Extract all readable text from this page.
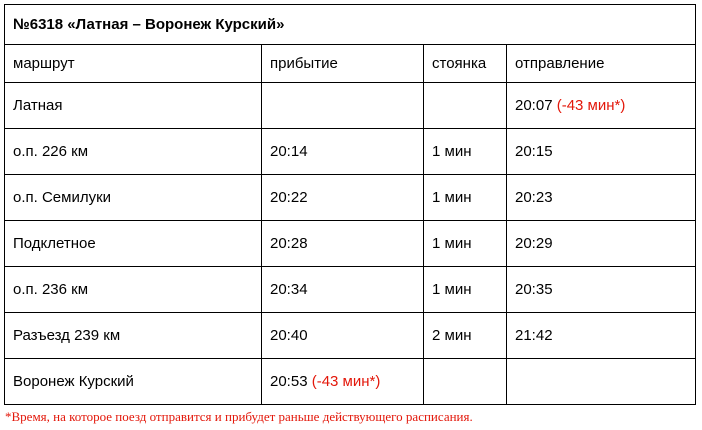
№6318 «Латная – Воронеж Курский»			
маршрут	прибытие	стоянка	отправление
Латная			20:07 (-43 мин*)
о.п. 226 км	20:14	1 мин	20:15
о.п. Семилуки	20:22	1 мин	20:23
Подклетное	20:28	1 мин	20:29
о.п. 236 км	20:34	1 мин	20:35
Разъезд 239 км	20:40	2 мин	21:42
Воронеж Курский	20:53 (-43 мин*)		
*Время, на которое поезд отправится и прибудет раньше действующего расписания.
